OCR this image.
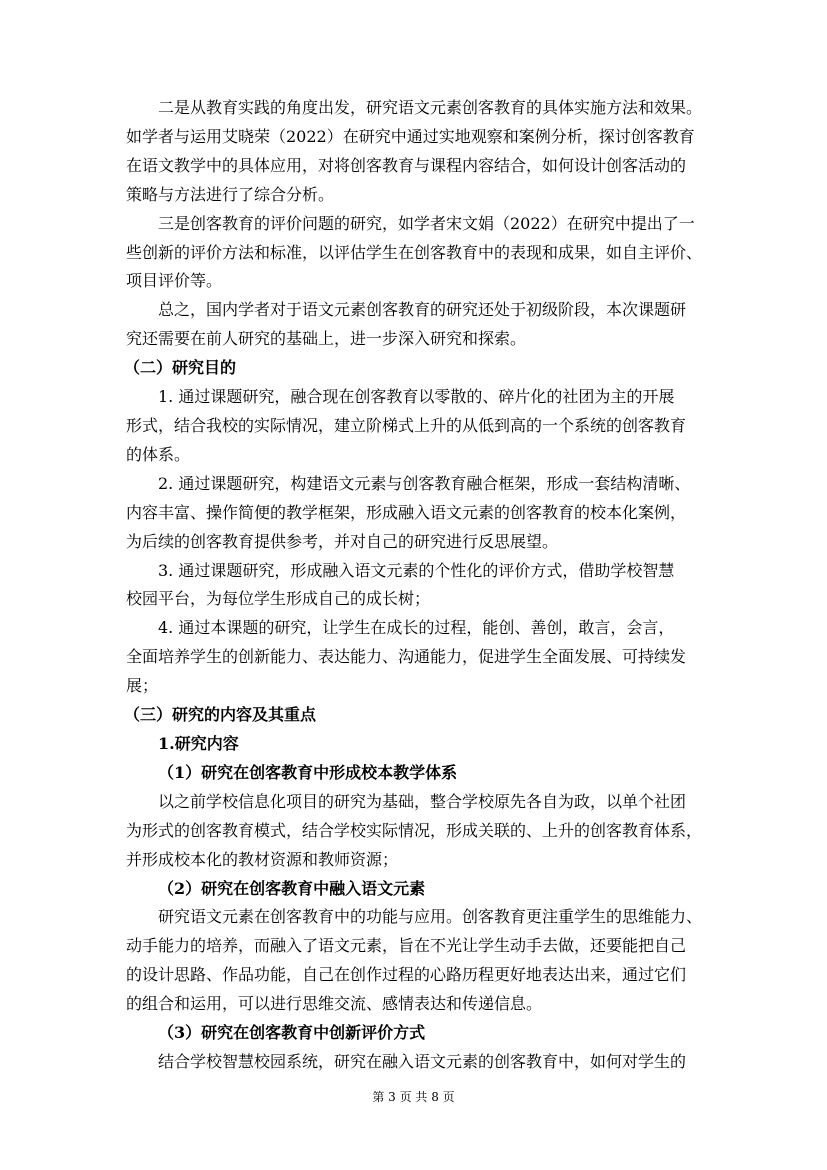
二是从教育实践的角度出发，研究语文元素创客教育的具体实施方法和效果。
如学者与运用艾晓荣（2022）在研究中通过实地观察和案例分析，探讨创客教育
在语文教学中的具体应用，对将创客教育与课程内容结合，如何设计创客活动的
策略与方法进行了综合分析。
三是创客教育的评价问题的研究，如学者宋文娟（2022）在研究中提出了一
些创新的评价方法和标准，以评估学生在创客教育中的表现和成果，如自主评价、
项目评价等。
总之，国内学者对于语文元素创客教育的研究还处于初级阶段，本次课题研
究还需要在前人研究的基础上，进一步深入研究和探索。
（二）研究目的
1. 通过课题研究，融合现在创客教育以零散的、碎片化的社团为主的开展
形式，结合我校的实际情况，建立阶梯式上升的从低到高的一个系统的创客教育
的体系。
2. 通过课题研究，构建语文元素与创客教育融合框架，形成一套结构清晰、
内容丰富、操作简便的教学框架，形成融入语文元素的创客教育的校本化案例，
为后续的创客教育提供参考，并对自己的研究进行反思展望。
3. 通过课题研究，形成融入语文元素的个性化的评价方式，借助学校智慧
校园平台，为每位学生形成自己的成长树；
4. 通过本课题的研究，让学生在成长的过程，能创、善创，敢言，会言，
全面培养学生的创新能力、表达能力、沟通能力，促进学生全面发展、可持续发
展；
（三）研究的内容及其重点
1.研究内容
（1）研究在创客教育中形成校本教学体系
以之前学校信息化项目的研究为基础，整合学校原先各自为政，以单个社团
为形式的创客教育模式，结合学校实际情况，形成关联的、上升的创客教育体系，
并形成校本化的教材资源和教师资源；
（2）研究在创客教育中融入语文元素
研究语文元素在创客教育中的功能与应用。创客教育更注重学生的思维能力、
动手能力的培养，而融入了语文元素，旨在不光让学生动手去做，还要能把自己
的设计思路、作品功能，自己在创作过程的心路历程更好地表达出来，通过它们
的组合和运用，可以进行思维交流、感情表达和传递信息。
（3）研究在创客教育中创新评价方式
结合学校智慧校园系统，研究在融入语文元素的创客教育中，如何对学生的
第 3 页 共 8 页
